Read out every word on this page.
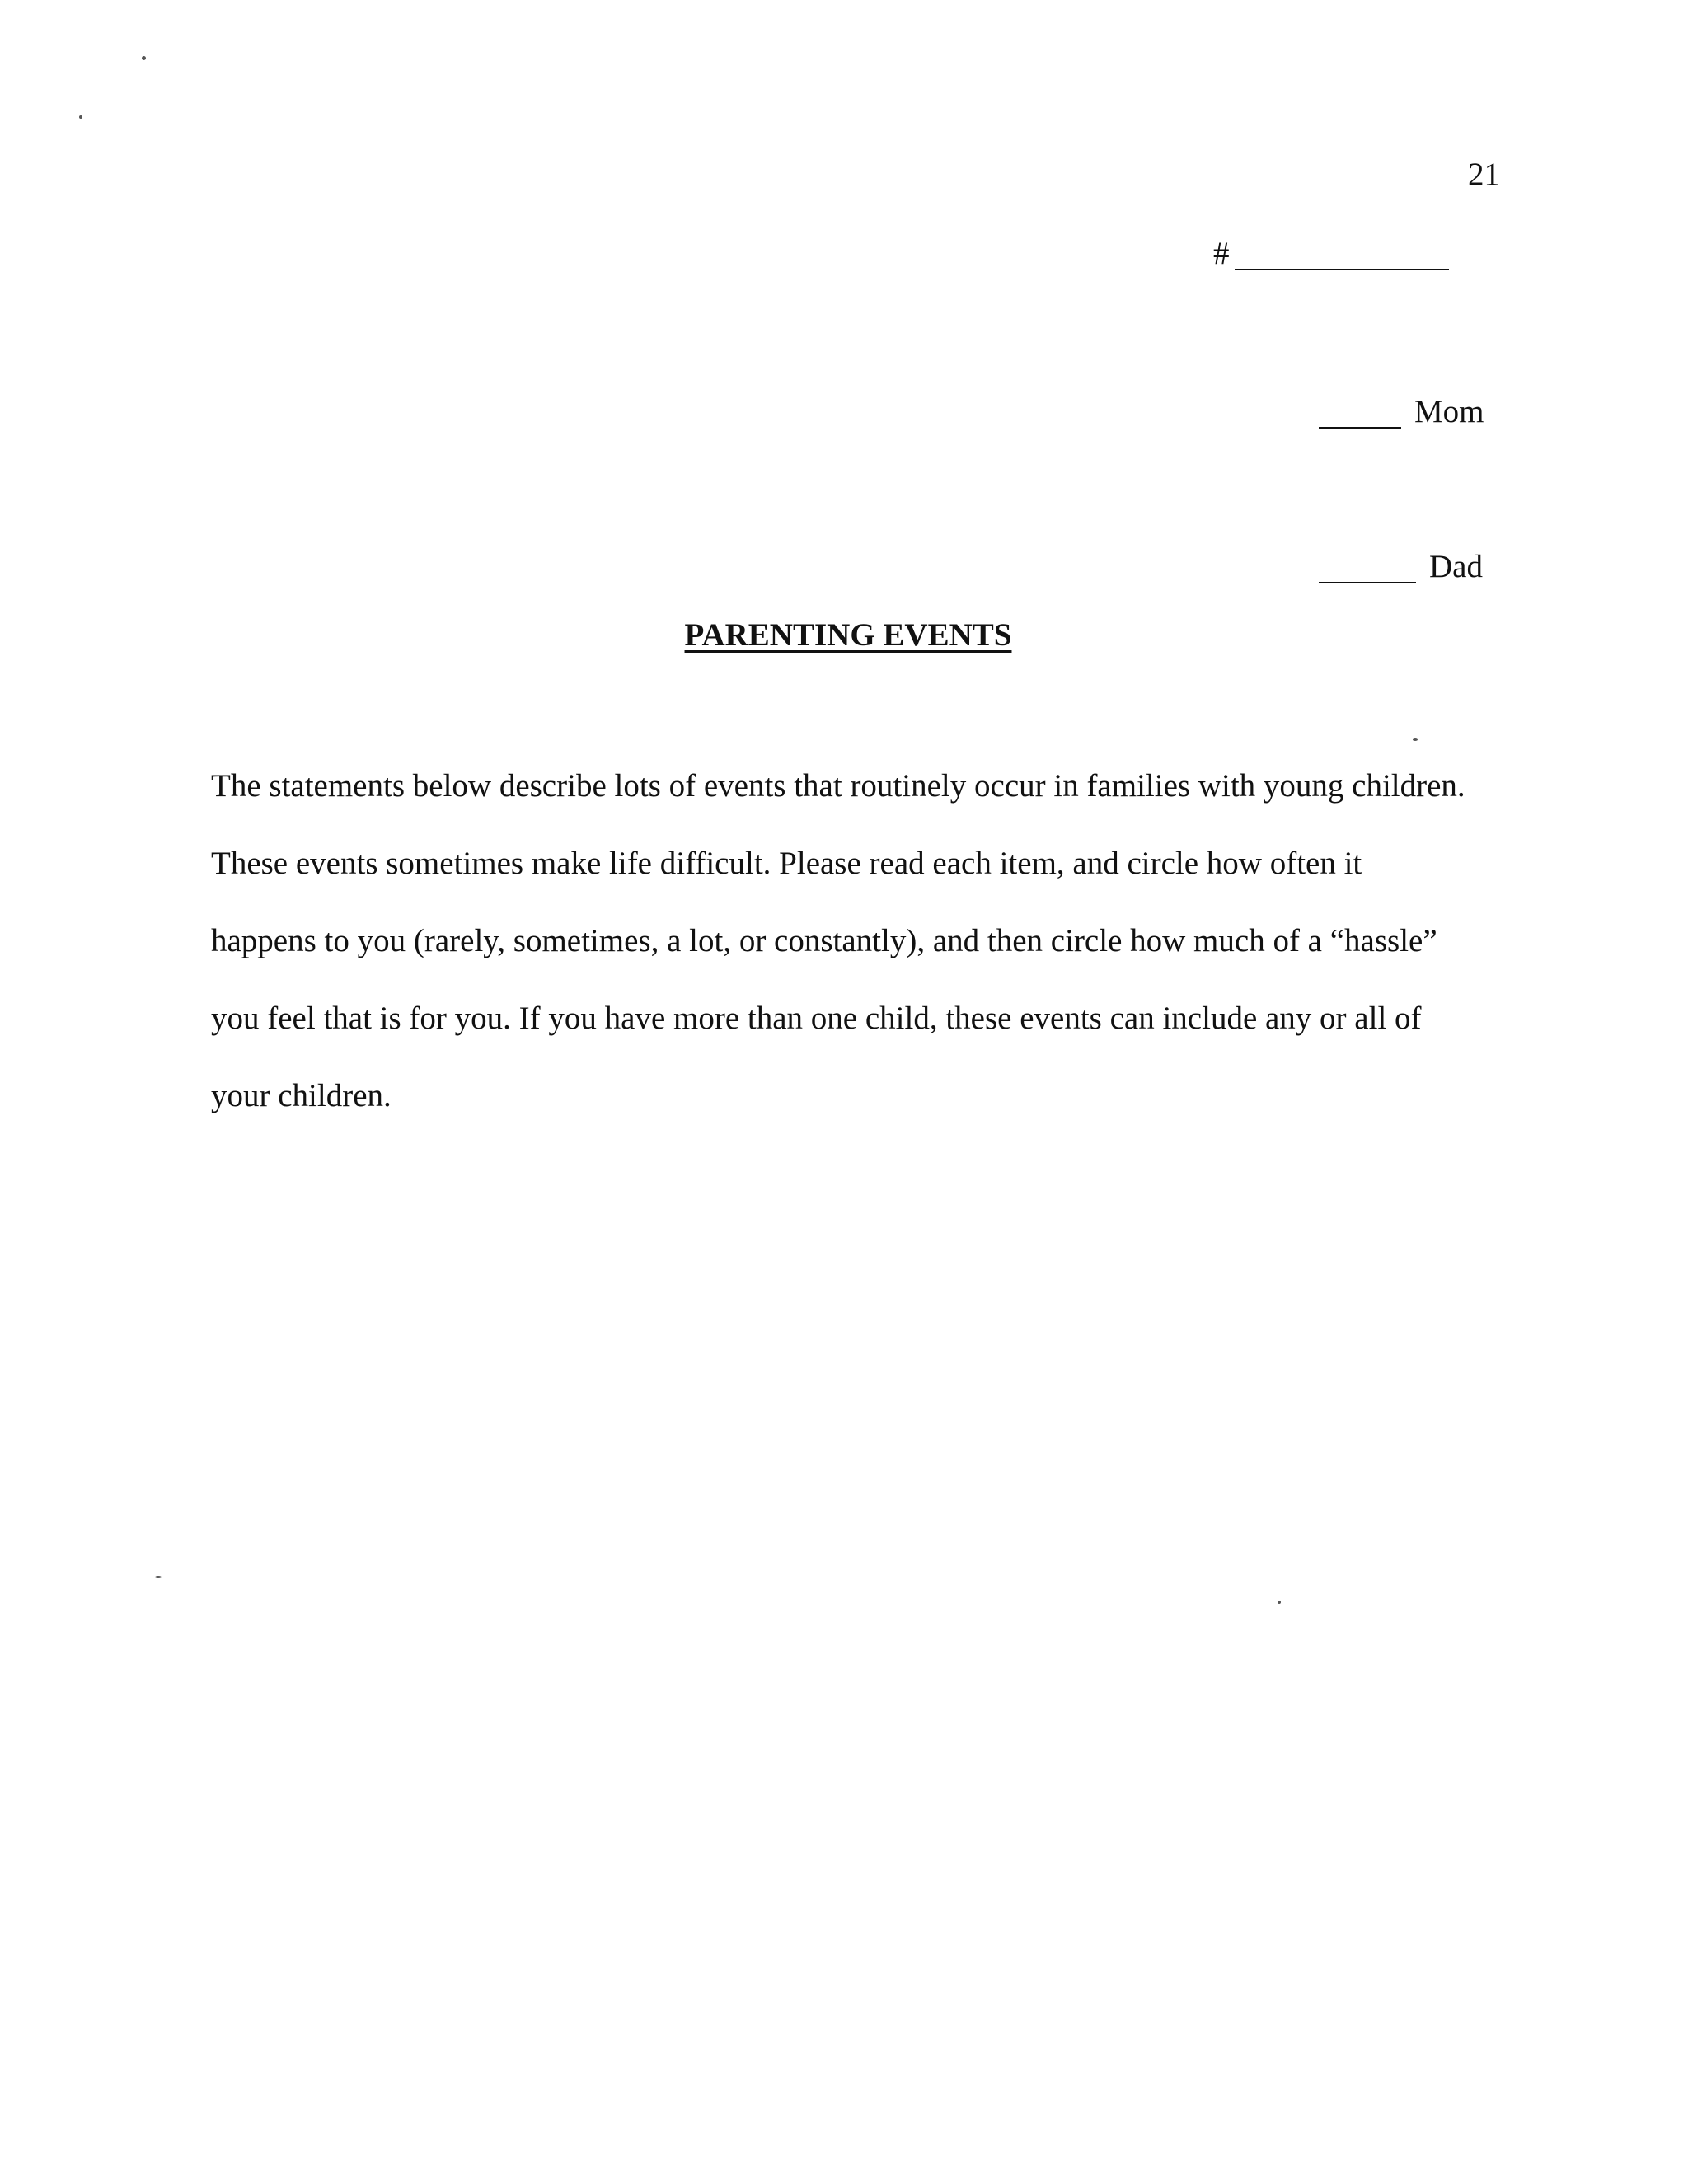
21
#
Mom
Dad
PARENTING EVENTS
The statements below describe lots of events that routinely occur in families with young children.
These events sometimes make life difficult. Please read each item, and circle how often it
happens to you (rarely, sometimes, a lot, or constantly), and then circle how much of a “hassle”
you feel that is for you. If you have more than one child, these events can include any or all of
your children.
